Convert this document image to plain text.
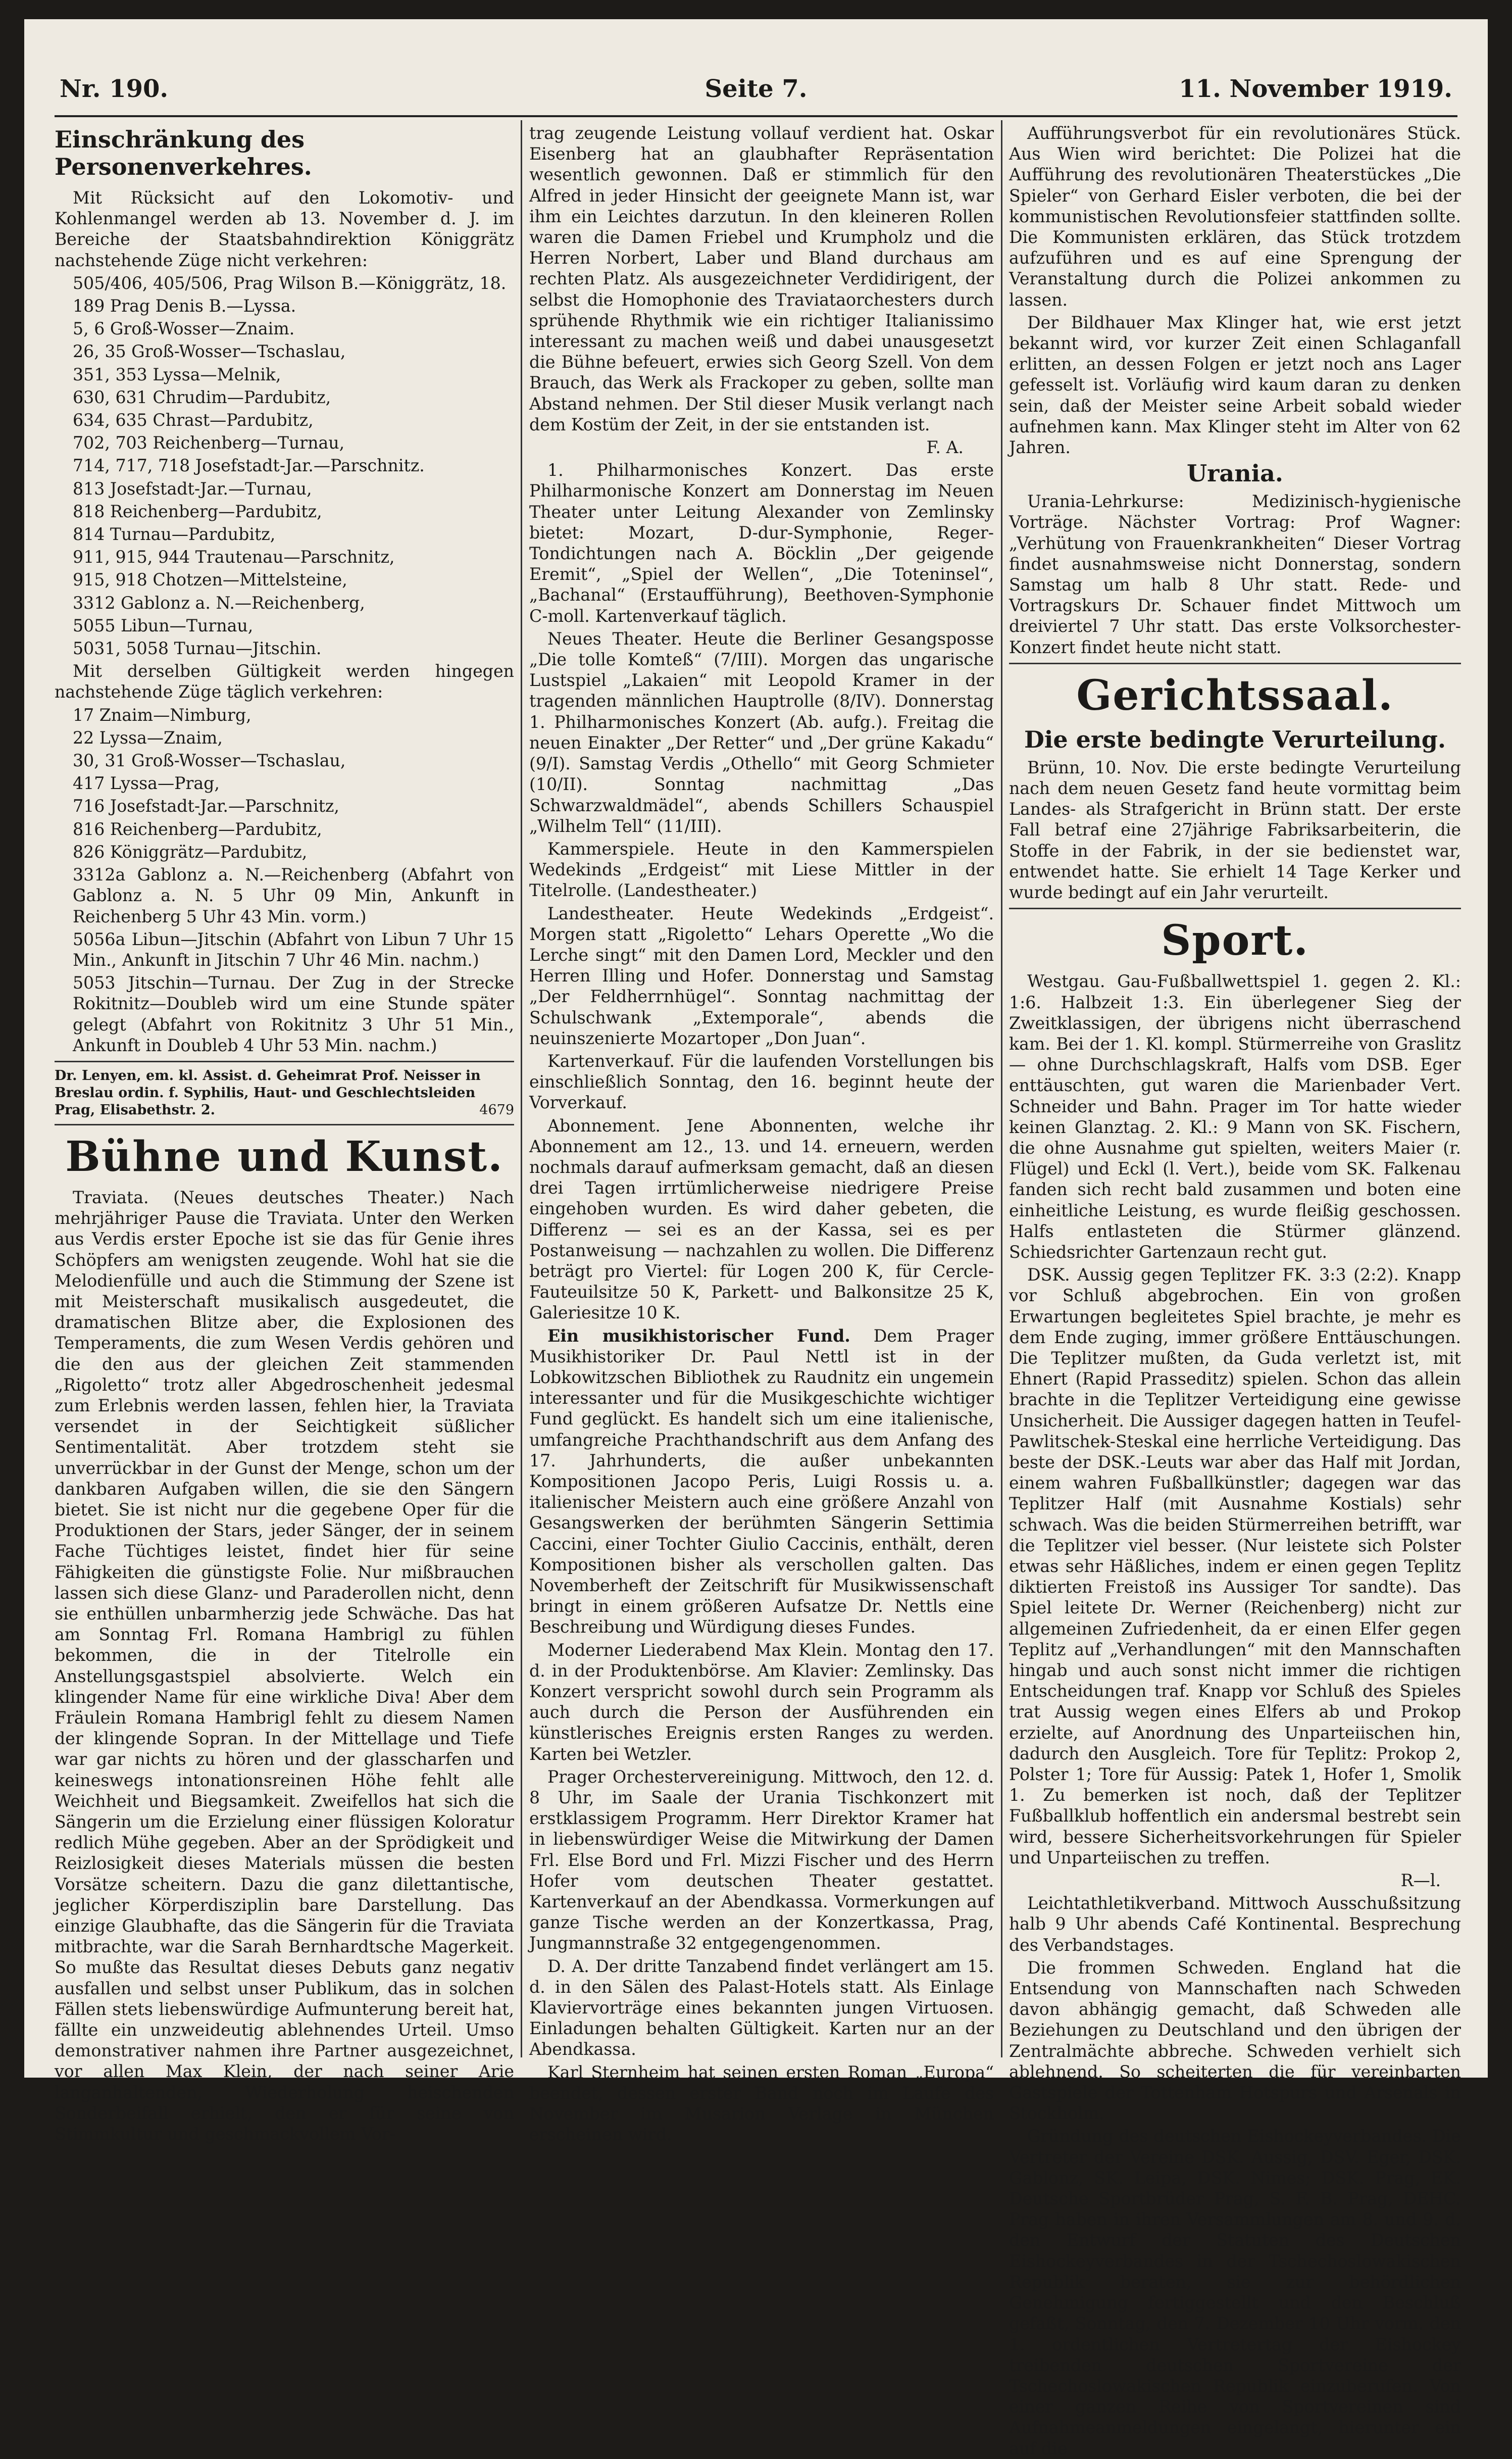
Nr. 190.	Seite 7.	11. November 1919.
Einschränkung des Personenverkehres.

Mit Rücksicht auf den Lokomotiv- und Kohlenmangel werden ab 13. November d. J. im Bereiche der Staatsbahndirektion Königgrätz nachstehende Züge nicht verkehren:

505/406, 405/506, Prag Wilson B.—Königgrätz, 18.

189 Prag Denis B.—Lyssa.

5, 6 Groß-Wosser—Znaim.

26, 35 Groß-Wosser—Tschaslau,

351, 353 Lyssa—Melnik,

630, 631 Chrudim—Pardubitz,

634, 635 Chrast—Pardubitz,

702, 703 Reichenberg—Turnau,

714, 717, 718 Josefstadt-Jar.—Parschnitz.

813 Josefstadt-Jar.—Turnau,

818 Reichenberg—Pardubitz,

814 Turnau—Pardubitz,

911, 915, 944 Trautenau—Parschnitz,

915, 918 Chotzen—Mittelsteine,

3312 Gablonz a. N.—Reichenberg,

5055 Libun—Turnau,

5031, 5058 Turnau—Jitschin.

Mit derselben Gültigkeit werden hingegen nachstehende Züge täglich verkehren:

17 Znaim—Nimburg,

22 Lyssa—Znaim,

30, 31 Groß-Wosser—Tschaslau,

417 Lyssa—Prag,

716 Josefstadt-Jar.—Parschnitz,

816 Reichenberg—Pardubitz,

826 Königgrätz—Pardubitz,

3312a Gablonz a. N.—Reichenberg (Abfahrt von Gablonz a. N. 5 Uhr 09 Min, Ankunft in Reichenberg 5 Uhr 43 Min. vorm.)

5056a Libun—Jitschin (Abfahrt von Libun 7 Uhr 15 Min., Ankunft in Jitschin 7 Uhr 46 Min. nachm.)

5053 Jitschin—Turnau. Der Zug in der Strecke Rokitnitz—Doubleb wird um eine Stunde später gelegt (Abfahrt von Rokitnitz 3 Uhr 51 Min., Ankunft in Doubleb 4 Uhr 53 Min. nachm.)

Dr. Lenyen, em. kl. Assist. d. Geheimrat Prof. Neisser in Breslau ordin. f. Syphilis, Haut- und Geschlechtsleiden Prag, Elisabethstr. 2.	4679
Bühne und Kunst.

Traviata. (Neues deutsches Theater.) Nach mehrjähriger Pause die Traviata. Unter den Werken aus Verdis erster Epoche ist sie das für Genie ihres Schöpfers am wenigsten zeugende. Wohl hat sie die Melodienfülle und auch die Stimmung der Szene ist mit Meisterschaft musikalisch ausgedeutet, die dramatischen Blitze aber, die Explosionen des Temperaments, die zum Wesen Verdis gehören und die den aus der gleichen Zeit stammenden „Rigoletto“ trotz aller Abgedroschenheit jedesmal zum Erlebnis werden lassen, fehlen hier, la Traviata versendet in der Seichtigkeit süßlicher Sentimentalität. Aber trotzdem steht sie unverrückbar in der Gunst der Menge, schon um der dankbaren Aufgaben willen, die sie den Sängern bietet. Sie ist nicht nur die gegebene Oper für die Produktionen der Stars, jeder Sänger, der in seinem Fache Tüchtiges leistet, findet hier für seine Fähigkeiten die günstigste Folie. Nur mißbrauchen lassen sich diese Glanz- und Paraderollen nicht, denn sie enthüllen unbarmherzig jede Schwäche. Das hat am Sonntag Frl. Romana Hambrigl zu fühlen bekommen, die in der Titelrolle ein Anstellungsgastspiel absolvierte. Welch ein klingender Name für eine wirkliche Diva! Aber dem Fräulein Romana Hambrigl fehlt zu diesem Namen der klingende Sopran. In der Mittellage und Tiefe war gar nichts zu hören und der glasscharfen und keineswegs intonationsreinen Höhe fehlt alle Weichheit und Biegsamkeit. Zweifellos hat sich die Sängerin um die Erzielung einer flüssigen Koloratur redlich Mühe gegeben. Aber an der Sprödigkeit und Reizlosigkeit dieses Materials müssen die besten Vorsätze scheitern. Dazu die ganz dilettantische, jeglicher Körperdisziplin bare Darstellung. Das einzige Glaubhafte, das die Sängerin für die Traviata mitbrachte, war die Sarah Bernhardtsche Magerkeit. So mußte das Resultat dieses Debuts ganz negativ ausfallen und selbst unser Publikum, das in solchen Fällen stets liebenswürdige Aufmunterung bereit hat, fällte ein unzweideutig ablehnendes Urteil. Umso demonstrativer nahmen ihre Partner ausgezeichnet, vor allen Max Klein, der nach seiner Arie langanhaltenden, Wiederholung heischenden Sonderbeifall erhielt, den er für seine von Stimmkultur und geschmackvollem Vor-

trag zeugende Leistung vollauf verdient hat. Oskar Eisenberg hat an glaubhafter Repräsentation wesentlich gewonnen. Daß er stimmlich für den Alfred in jeder Hinsicht der geeignete Mann ist, war ihm ein Leichtes darzutun. In den kleineren Rollen waren die Damen Friebel und Krumpholz und die Herren Norbert, Laber und Bland durchaus am rechten Platz. Als ausgezeichneter Verdidirigent, der selbst die Homophonie des Traviataorchesters durch sprühende Rhythmik wie ein richtiger Italianissimo interessant zu machen weiß und dabei unausgesetzt die Bühne befeuert, erwies sich Georg Szell. Von dem Brauch, das Werk als Frackoper zu geben, sollte man Abstand nehmen. Der Stil dieser Musik verlangt nach dem Kostüm der Zeit, in der sie entstanden ist.

F. A.

1. Philharmonisches Konzert. Das erste Philharmonische Konzert am Donnerstag im Neuen Theater unter Leitung Alexander von Zemlinsky bietet: Mozart, D-dur-Symphonie, Reger-Tondichtungen nach A. Böcklin „Der geigende Eremit“, „Spiel der Wellen“, „Die Toteninsel“, „Bachanal“ (Erstaufführung), Beethoven-Symphonie C-moll. Kartenverkauf täglich.

Neues Theater. Heute die Berliner Gesangsposse „Die tolle Komteß“ (7/III). Morgen das ungarische Lustspiel „Lakaien“ mit Leopold Kramer in der tragenden männlichen Hauptrolle (8/IV). Donnerstag 1. Philharmonisches Konzert (Ab. aufg.). Freitag die neuen Einakter „Der Retter“ und „Der grüne Kakadu“ (9/I). Samstag Verdis „Othello“ mit Georg Schmieter (10/II). Sonntag nachmittag „Das Schwarzwaldmädel“, abends Schillers Schauspiel „Wilhelm Tell“ (11/III).

Kammerspiele. Heute in den Kammerspielen Wedekinds „Erdgeist“ mit Liese Mittler in der Titelrolle. (Landestheater.)

Landestheater. Heute Wedekinds „Erdgeist“. Morgen statt „Rigoletto“ Lehars Operette „Wo die Lerche singt“ mit den Damen Lord, Meckler und den Herren Illing und Hofer. Donnerstag und Samstag „Der Feldherrnhügel“. Sonntag nachmittag der Schulschwank „Extemporale“, abends die neuinszenierte Mozartoper „Don Juan“.

Kartenverkauf. Für die laufenden Vorstellungen bis einschließlich Sonntag, den 16. beginnt heute der Vorverkauf.

Abonnement. Jene Abonnenten, welche ihr Abonnement am 12., 13. und 14. erneuern, werden nochmals darauf aufmerksam gemacht, daß an diesen drei Tagen irrtümlicherweise niedrigere Preise eingehoben wurden. Es wird daher gebeten, die Differenz — sei es an der Kassa, sei es per Postanweisung — nachzahlen zu wollen. Die Differenz beträgt pro Viertel: für Logen 200 K, für Cercle-Fauteuilsitze 50 K, Parkett- und Balkonsitze 25 K, Galeriesitze 10 K.

Ein musikhistorischer Fund. Dem Prager Musikhistoriker Dr. Paul Nettl ist in der Lobkowitzschen Bibliothek zu Raudnitz ein ungemein interessanter und für die Musikgeschichte wichtiger Fund geglückt. Es handelt sich um eine italienische, umfangreiche Prachthandschrift aus dem Anfang des 17. Jahrhunderts, die außer unbekannten Kompositionen Jacopo Peris, Luigi Rossis u. a. italienischer Meistern auch eine größere Anzahl von Gesangswerken der berühmten Sängerin Settimia Caccini, einer Tochter Giulio Caccinis, enthält, deren Kompositionen bisher als verschollen galten. Das Novemberheft der Zeitschrift für Musikwissenschaft bringt in einem größeren Aufsatze Dr. Nettls eine Beschreibung und Würdigung dieses Fundes.

Moderner Liederabend Max Klein. Montag den 17. d. in der Produktenbörse. Am Klavier: Zemlinsky. Das Konzert verspricht sowohl durch sein Programm als auch durch die Person der Ausführenden ein künstlerisches Ereignis ersten Ranges zu werden. Karten bei Wetzler.

Prager Orchestervereinigung. Mittwoch, den 12. d. 8 Uhr, im Saale der Urania Tischkonzert mit erstklassigem Programm. Herr Direktor Kramer hat in liebenswürdiger Weise die Mitwirkung der Damen Frl. Else Bord und Frl. Mizzi Fischer und des Herrn Hofer vom deutschen Theater gestattet. Kartenverkauf an der Abendkassa. Vormerkungen auf ganze Tische werden an der Konzertkassa, Prag, Jungmannstraße 32 entgegengenommen.

D. A. Der dritte Tanzabend findet verlängert am 15. d. in den Sälen des Palast-Hotels statt. Als Einlage Klaviervorträge eines bekannten jungen Virtuosen. Einladungen behalten Gültigkeit. Karten nur an der Abendkassa.

Karl Sternheim hat seinen ersten Roman „Europa“ beendet, dessen erster Band noch im Laufe des November im Musarion Verlage in München erscheinen wird.

Aufführungsverbot für ein revolutionäres Stück. Aus Wien wird berichtet: Die Polizei hat die Aufführung des revolutionären Theaterstückes „Die Spieler“ von Gerhard Eisler verboten, die bei der kommunistischen Revolutionsfeier stattfinden sollte. Die Kommunisten erklären, das Stück trotzdem aufzuführen und es auf eine Sprengung der Veranstaltung durch die Polizei ankommen zu lassen.

Der Bildhauer Max Klinger hat, wie erst jetzt bekannt wird, vor kurzer Zeit einen Schlaganfall erlitten, an dessen Folgen er jetzt noch ans Lager gefesselt ist. Vorläufig wird kaum daran zu denken sein, daß der Meister seine Arbeit sobald wieder aufnehmen kann. Max Klinger steht im Alter von 62 Jahren.

Urania.

Urania-Lehrkurse: Medizinisch-hygienische Vorträge. Nächster Vortrag: Prof Wagner: „Verhütung von Frauenkrankheiten“ Dieser Vortrag findet ausnahmsweise nicht Donnerstag, sondern Samstag um halb 8 Uhr statt. Rede- und Vortragskurs Dr. Schauer findet Mittwoch um dreiviertel 7 Uhr statt. Das erste Volksorchester-Konzert findet heute nicht statt.

Gerichtssaal.
Die erste bedingte Verurteilung.

Brünn, 10. Nov. Die erste bedingte Verurteilung nach dem neuen Gesetz fand heute vormittag beim Landes- als Strafgericht in Brünn statt. Der erste Fall betraf eine 27jährige Fabriksarbeiterin, die Stoffe in der Fabrik, in der sie bedienstet war, entwendet hatte. Sie erhielt 14 Tage Kerker und wurde bedingt auf ein Jahr verurteilt.

Sport.

Westgau. Gau-Fußballwettspiel 1. gegen 2. Kl.: 1:6. Halbzeit 1:3. Ein überlegener Sieg der Zweitklassigen, der übrigens nicht überraschend kam. Bei der 1. Kl. kompl. Stürmerreihe von Graslitz — ohne Durchschlagskraft, Halfs vom DSB. Eger enttäuschten, gut waren die Marienbader Vert. Schneider und Bahn. Prager im Tor hatte wieder keinen Glanztag. 2. Kl.: 9 Mann von SK. Fischern, die ohne Ausnahme gut spielten, weiters Maier (r. Flügel) und Eckl (l. Vert.), beide vom SK. Falkenau fanden sich recht bald zusammen und boten eine einheitliche Leistung, es wurde fleißig geschossen. Halfs entlasteten die Stürmer glänzend. Schiedsrichter Gartenzaun recht gut.

DSK. Aussig gegen Teplitzer FK. 3:3 (2:2). Knapp vor Schluß abgebrochen. Ein von großen Erwartungen begleitetes Spiel brachte, je mehr es dem Ende zuging, immer größere Enttäuschungen. Die Teplitzer mußten, da Guda verletzt ist, mit Ehnert (Rapid Prasseditz) spielen. Schon das allein brachte in die Teplitzer Verteidigung eine gewisse Unsicherheit. Die Aussiger dagegen hatten in Teufel-Pawlitschek-Steskal eine herrliche Verteidigung. Das beste der DSK.-Leuts war aber das Half mit Jordan, einem wahren Fußballkünstler; dagegen war das Teplitzer Half (mit Ausnahme Kostials) sehr schwach. Was die beiden Stürmerreihen betrifft, war die Teplitzer viel besser. (Nur leistete sich Polster etwas sehr Häßliches, indem er einen gegen Teplitz diktierten Freistoß ins Aussiger Tor sandte). Das Spiel leitete Dr. Werner (Reichenberg) nicht zur allgemeinen Zufriedenheit, da er einen Elfer gegen Teplitz auf „Verhandlungen“ mit den Mannschaften hingab und auch sonst nicht immer die richtigen Entscheidungen traf. Knapp vor Schluß des Spieles trat Aussig wegen eines Elfers ab und Prokop erzielte, auf Anordnung des Unparteiischen hin, dadurch den Ausgleich. Tore für Teplitz: Prokop 2, Polster 1; Tore für Aussig: Patek 1, Hofer 1, Smolik 1. Zu bemerken ist noch, daß der Teplitzer Fußballklub hoffentlich ein andersmal bestrebt sein wird, bessere Sicherheitsvorkehrungen für Spieler und Unparteiischen zu treffen.

R—l.

Leichtathletikverband. Mittwoch Ausschußsitzung halb 9 Uhr abends Café Kontinental. Besprechung des Verbandstages.

Die frommen Schweden. England hat die Entsendung von Mannschaften nach Schweden davon abhängig gemacht, daß Schweden alle Beziehungen zu Deutschland und den übrigen der Zentralmächte abbreche. Schweden verhielt sich ablehnend. So scheiterten die für vereinbarten Gastspiele der Tottenham Hotspurs und Arsenals in Stockholm.

Gründung des deutschen Eishockeyverbandes. Die Vertreter der Vereine DSK. Aussig, DSV. Eger, DSK. Gablonz, SK. Leipa, DSK. Nimes; DSK. Prag, EK. Deutsche Sportbrüder Prag, S. F. B. Prag, DEHC. Prag haben in ihren Versammlungen am 8. und 9. d. den Entwurf der Statuten des Deutschen Eishockeyverbandes in der Tschechoslowakischen Republik beraten, sie zur behördlichen Genehmigung fertiggestellt und den Beschluß gefaßt, Sonntag, den 7. Dezember 10 Uhr vorm. den 1. ordentlichen Vertretertag der Eishockey treibenden deutschen Sportvereine der Tschechoslowakischen Republik einzuberufen. Von einer ganzen Reihe von Sportvereinen sind Aufnahmeanmeldungen eingelangt, hierunter ein auf die
